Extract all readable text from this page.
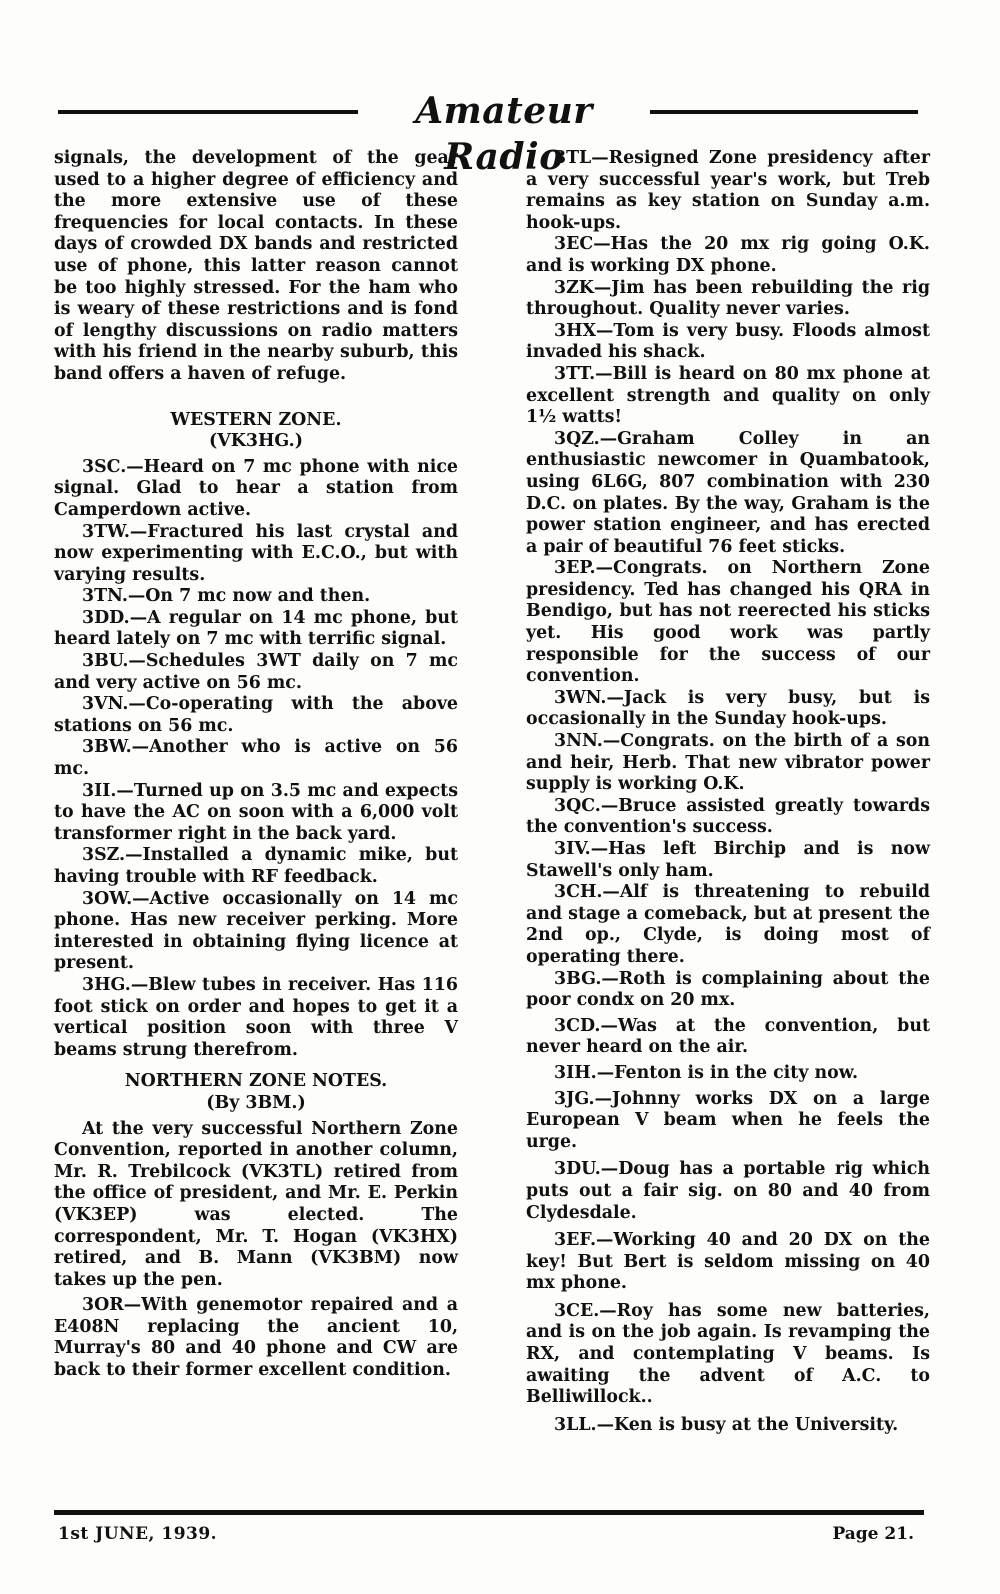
Amateur Radio

signals, the development of the gear used to a higher degree of efficiency and the more extensive use of these frequencies for local contacts. In these days of crowded DX bands and restricted use of phone, this latter reason cannot be too highly stressed. For the ham who is weary of these restrictions and is fond of lengthy discussions on radio matters with his friend in the nearby suburb, this band offers a haven of refuge.

WESTERN ZONE.

(VK3HG.)

3SC.—Heard on 7 mc phone with nice signal. Glad to hear a station from Camperdown active.

3TW.—Fractured his last crystal and now experimenting with E.C.O., but with varying results.

3TN.—On 7 mc now and then.

3DD.—A regular on 14 mc phone, but heard lately on 7 mc with terrific signal.

3BU.—Schedules 3WT daily on 7 mc and very active on 56 mc.

3VN.—Co-operating with the above stations on 56 mc.

3BW.—Another who is active on 56 mc.

3II.—Turned up on 3.5 mc and expects to have the AC on soon with a 6,000 volt transformer right in the back yard.

3SZ.—Installed a dynamic mike, but having trouble with RF feedback.

3OW.—Active occasionally on 14 mc phone. Has new receiver perking. More interested in obtaining flying licence at present.

3HG.—Blew tubes in receiver. Has 116 foot stick on order and hopes to get it a vertical position soon with three V beams strung therefrom.

NORTHERN ZONE NOTES.

(By 3BM.)

At the very successful Northern Zone Convention, reported in another column, Mr. R. Trebilcock (VK3TL) retired from the office of president, and Mr. E. Perkin (VK3EP) was elected. The correspondent, Mr. T. Hogan (VK3HX) retired, and B. Mann (VK3BM) now takes up the pen.

3OR—With genemotor repaired and a E408N replacing the ancient 10, Murray's 80 and 40 phone and CW are back to their former excellent condition.

3TL—Resigned Zone presidency after a very successful year's work, but Treb remains as key station on Sunday a.m. hook-ups.

3EC—Has the 20 mx rig going O.K. and is working DX phone.

3ZK—Jim has been rebuilding the rig throughout. Quality never varies.

3HX—Tom is very busy. Floods almost invaded his shack.

3TT.—Bill is heard on 80 mx phone at excellent strength and quality on only 1½ watts!

3QZ.—Graham Colley in an enthusiastic newcomer in Quambatook, using 6L6G, 807 combination with 230 D.C. on plates. By the way, Graham is the power station engineer, and has erected a pair of beautiful 76 feet sticks.

3EP.—Congrats. on Northern Zone presidency. Ted has changed his QRA in Bendigo, but has not reerected his sticks yet. His good work was partly responsible for the success of our convention.

3WN.—Jack is very busy, but is occasionally in the Sunday hook-ups.

3NN.—Congrats. on the birth of a son and heir, Herb. That new vibrator power supply is working O.K.

3QC.—Bruce assisted greatly towards the convention's success.

3IV.—Has left Birchip and is now Stawell's only ham.

3CH.—Alf is threatening to rebuild and stage a comeback, but at present the 2nd op., Clyde, is doing most of operating there.

3BG.—Roth is complaining about the poor condx on 20 mx.

3CD.—Was at the convention, but never heard on the air.

3IH.—Fenton is in the city now.

3JG.—Johnny works DX on a large European V beam when he feels the urge.

3DU.—Doug has a portable rig which puts out a fair sig. on 80 and 40 from Clydesdale.

3EF.—Working 40 and 20 DX on the key! But Bert is seldom missing on 40 mx phone.

3CE.—Roy has some new batteries, and is on the job again. Is revamping the RX, and contemplating V beams. Is awaiting the advent of A.C. to Belliwillock..

3LL.—Ken is busy at the University.

1st JUNE, 1939.	Page 21.
